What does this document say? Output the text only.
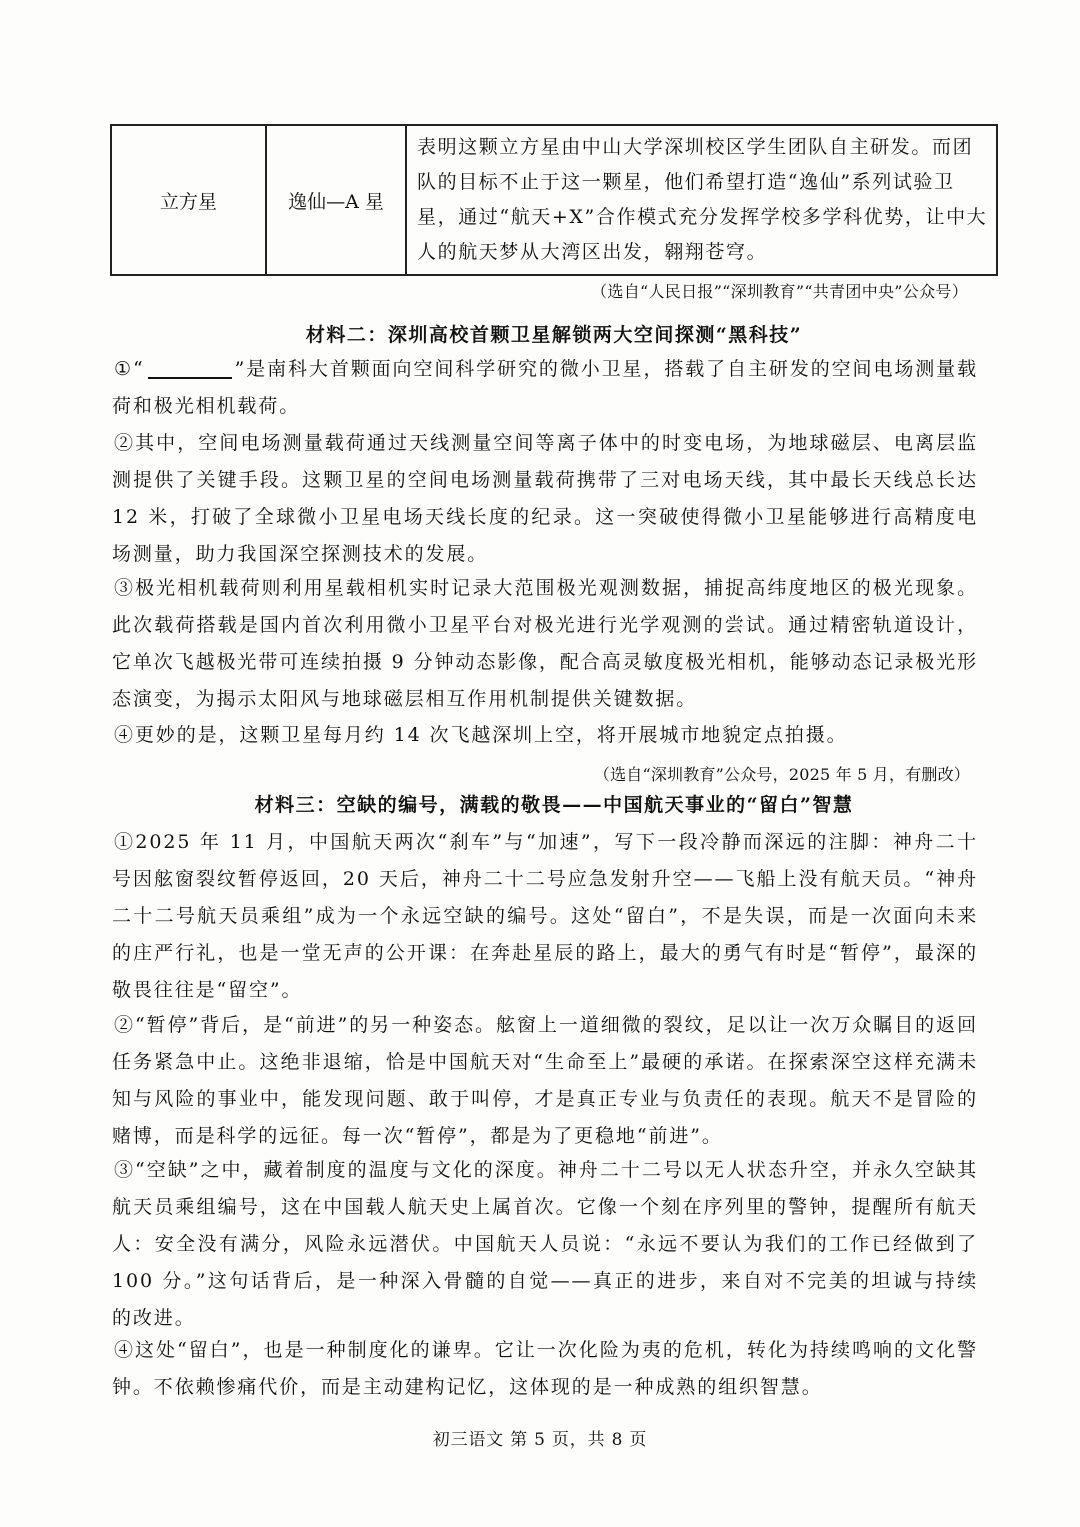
立方星	逸仙—A 星	表明这颗立方星由中山大学深圳校区学生团队自主研发。而团队的目标不止于这一颗星，他们希望打造“逸仙”系列试验卫星，通过“航天+X”合作模式充分发挥学校多学科优势，让中大人的航天梦从大湾区出发，翱翔苍穹。
（选自“人民日报”“深圳教育”“共青团中央”公众号）
材料二：深圳高校首颗卫星解锁两大空间探测“黑科技”
①“	”是南科大首颗面向空间科学研究的微小卫星，搭载了自主研发的空间电场测量载荷和极光相机载荷。
②其中，空间电场测量载荷通过天线测量空间等离子体中的时变电场，为地球磁层、电离层监测提供了关键手段。这颗卫星的空间电场测量载荷携带了三对电场天线，其中最长天线总长达 12 米，打破了全球微小卫星电场天线长度的纪录。这一突破使得微小卫星能够进行高精度电场测量，助力我国深空探测技术的发展。
③极光相机载荷则利用星载相机实时记录大范围极光观测数据，捕捉高纬度地区的极光现象。此次载荷搭载是国内首次利用微小卫星平台对极光进行光学观测的尝试。通过精密轨道设计，它单次飞越极光带可连续拍摄 9 分钟动态影像，配合高灵敏度极光相机，能够动态记录极光形态演变，为揭示太阳风与地球磁层相互作用机制提供关键数据。
④更妙的是，这颗卫星每月约 14 次飞越深圳上空，将开展城市地貌定点拍摄。
（选自“深圳教育”公众号，2025 年 5 月，有删改）
材料三：空缺的编号，满载的敬畏——中国航天事业的“留白”智慧
①2025 年 11 月，中国航天两次“刹车”与“加速”，写下一段冷静而深远的注脚：神舟二十号因舷窗裂纹暂停返回，20 天后，神舟二十二号应急发射升空——飞船上没有航天员。“神舟二十二号航天员乘组”成为一个永远空缺的编号。这处“留白”，不是失误，而是一次面向未来的庄严行礼，也是一堂无声的公开课：在奔赴星辰的路上，最大的勇气有时是“暂停”，最深的敬畏往往是“留空”。
②“暂停”背后，是“前进”的另一种姿态。舷窗上一道细微的裂纹，足以让一次万众瞩目的返回任务紧急中止。这绝非退缩，恰是中国航天对“生命至上”最硬的承诺。在探索深空这样充满未知与风险的事业中，能发现问题、敢于叫停，才是真正专业与负责任的表现。航天不是冒险的赌博，而是科学的远征。每一次“暂停”，都是为了更稳地“前进”。
③“空缺”之中，藏着制度的温度与文化的深度。神舟二十二号以无人状态升空，并永久空缺其航天员乘组编号，这在中国载人航天史上属首次。它像一个刻在序列里的警钟，提醒所有航天人：安全没有满分，风险永远潜伏。中国航天人员说：“永远不要认为我们的工作已经做到了 100 分。”这句话背后，是一种深入骨髓的自觉——真正的进步，来自对不完美的坦诚与持续的改进。
④这处“留白”，也是一种制度化的谦卑。它让一次化险为夷的危机，转化为持续鸣响的文化警钟。不依赖惨痛代价，而是主动建构记忆，这体现的是一种成熟的组织智慧。
初三语文 第 5 页，共 8 页
